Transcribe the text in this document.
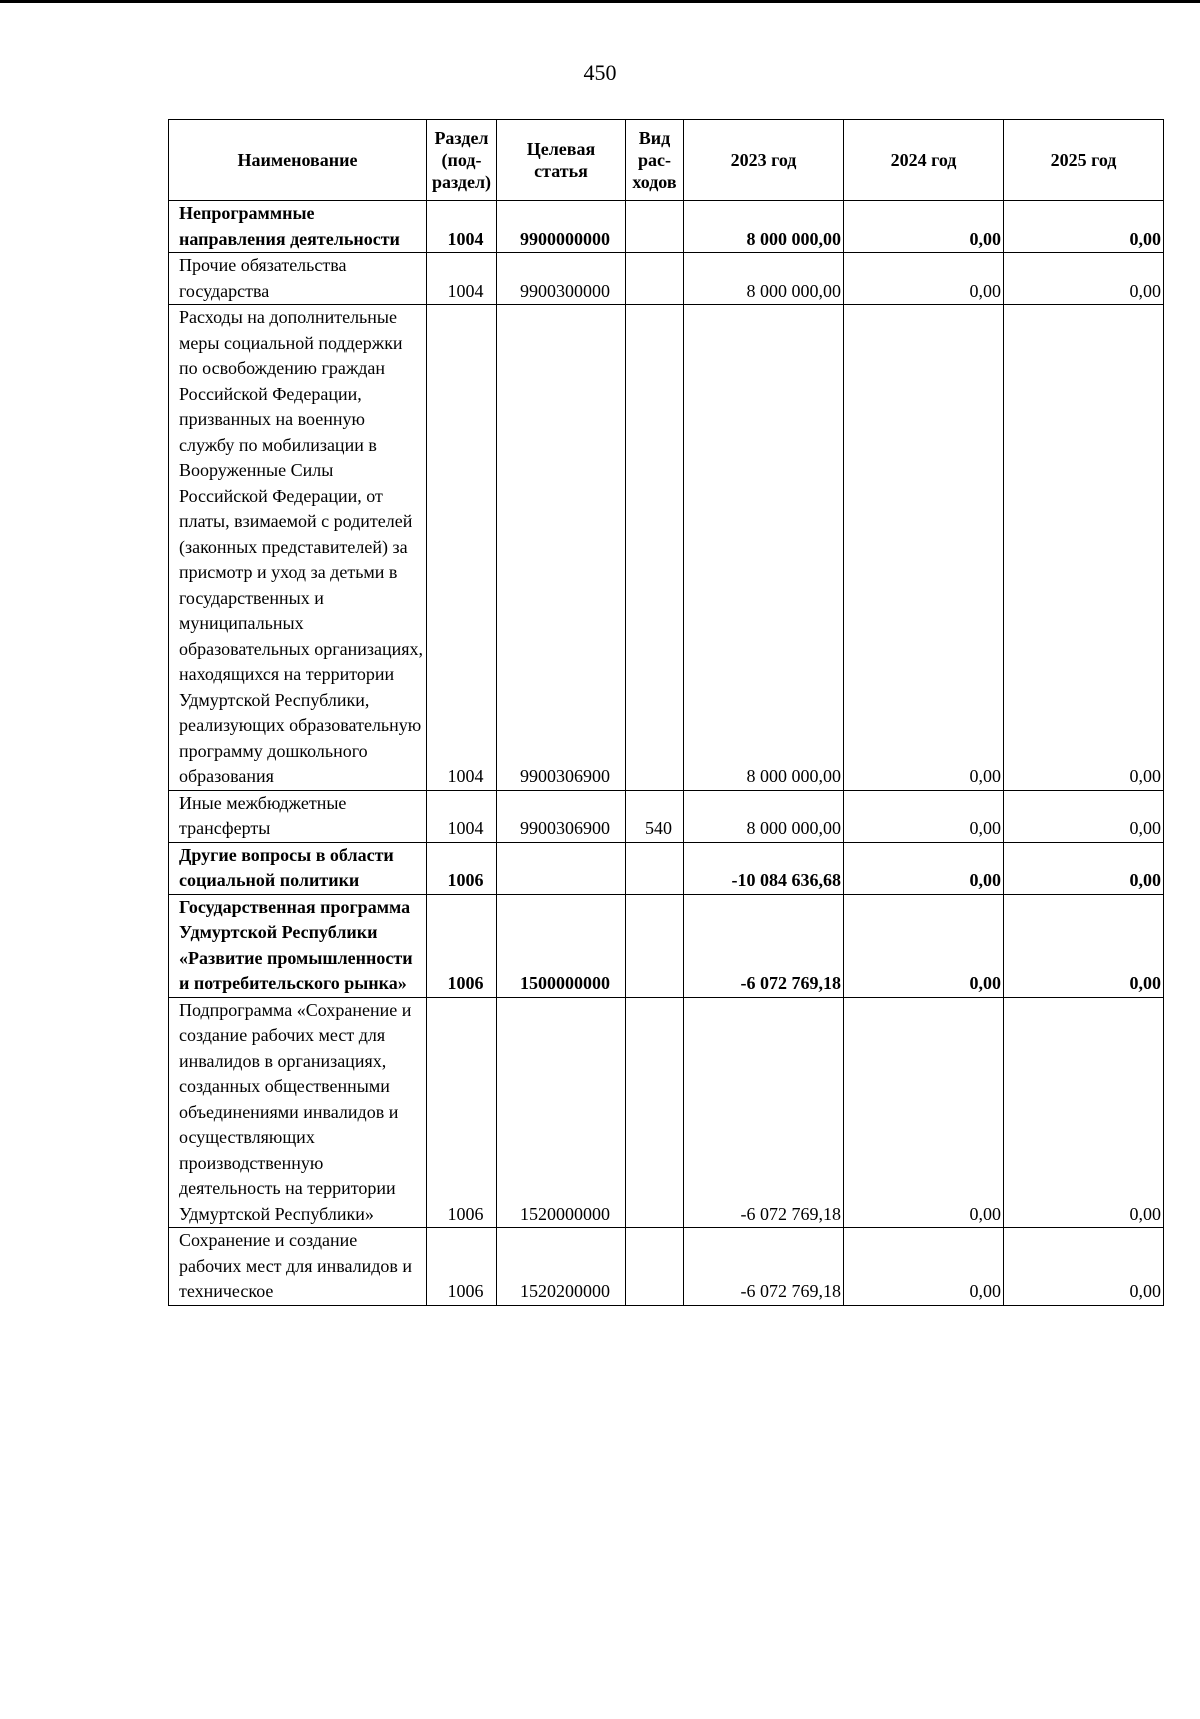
450
Наименование	Раздел (под-раздел)	Целевая статья	Вид рас-ходов	2023 год	2024 год	2025 год
Непрограммные направления деятельности	1004	9900000000		8 000 000,00	0,00	0,00
Прочие обязательства государства	1004	9900300000		8 000 000,00	0,00	0,00
Расходы на дополнительные меры социальной поддержки по освобождению граждан Российской Федерации, призванных на военную службу по мобилизации в Вооруженные Силы Российской Федерации, от платы, взимаемой с родителей (законных представителей) за присмотр и уход за детьми в государственных и муниципальных образовательных организациях, находящихся на территории Удмуртской Республики, реализующих образовательную программу дошкольного образования	1004	9900306900		8 000 000,00	0,00	0,00
Иные межбюджетные трансферты	1004	9900306900	540	8 000 000,00	0,00	0,00
Другие вопросы в области социальной политики	1006			-10 084 636,68	0,00	0,00
Государственная программа Удмуртской Республики «Развитие промышленности и потребительского рынка»	1006	1500000000		-6 072 769,18	0,00	0,00
Подпрограмма «Сохранение и создание рабочих мест для инвалидов в организациях, созданных общественными объединениями инвалидов и осуществляющих производственную деятельность на территории Удмуртской Республики»	1006	1520000000		-6 072 769,18	0,00	0,00
Сохранение и создание рабочих мест для инвалидов и техническое	1006	1520200000		-6 072 769,18	0,00	0,00
